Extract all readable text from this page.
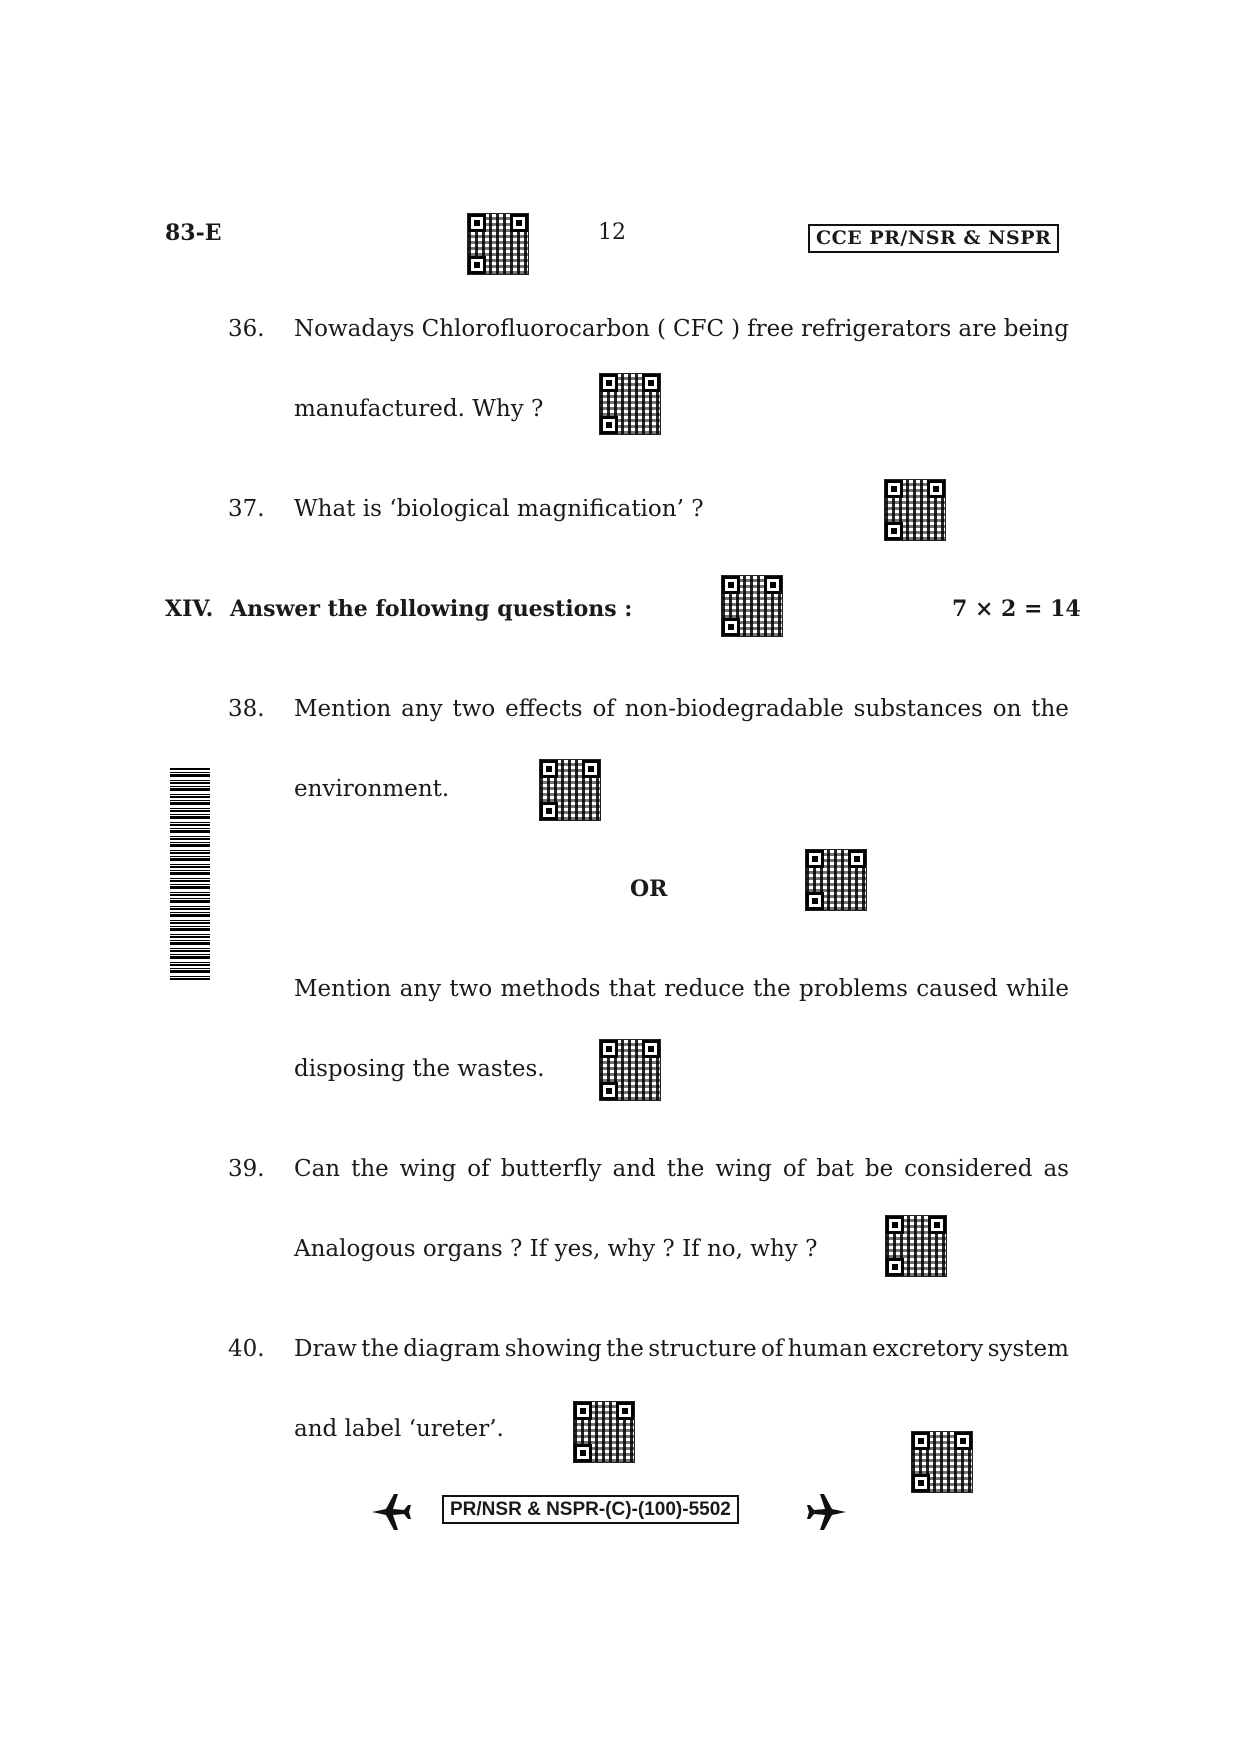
83-E	12	CCE PR/NSR & NSPR
36. Nowadays Chlorofluorocarbon ( CFC ) free refrigerators are being
manufactured. Why ?
37. What is ‘biological magnification’ ?
XIV. Answer the following questions :	7 × 2 = 14
38. Mention any two effects of non-biodegradable substances on the
environment.
OR
Mention any two methods that reduce the problems caused while
disposing the wastes.
39. Can the wing of butterfly and the wing of bat be considered as
Analogous organs ? If yes, why ? If no, why ?
40. Draw the diagram showing the structure of human excretory system
and label ‘ureter’.
PR/NSR & NSPR-(C)-(100)-5502
